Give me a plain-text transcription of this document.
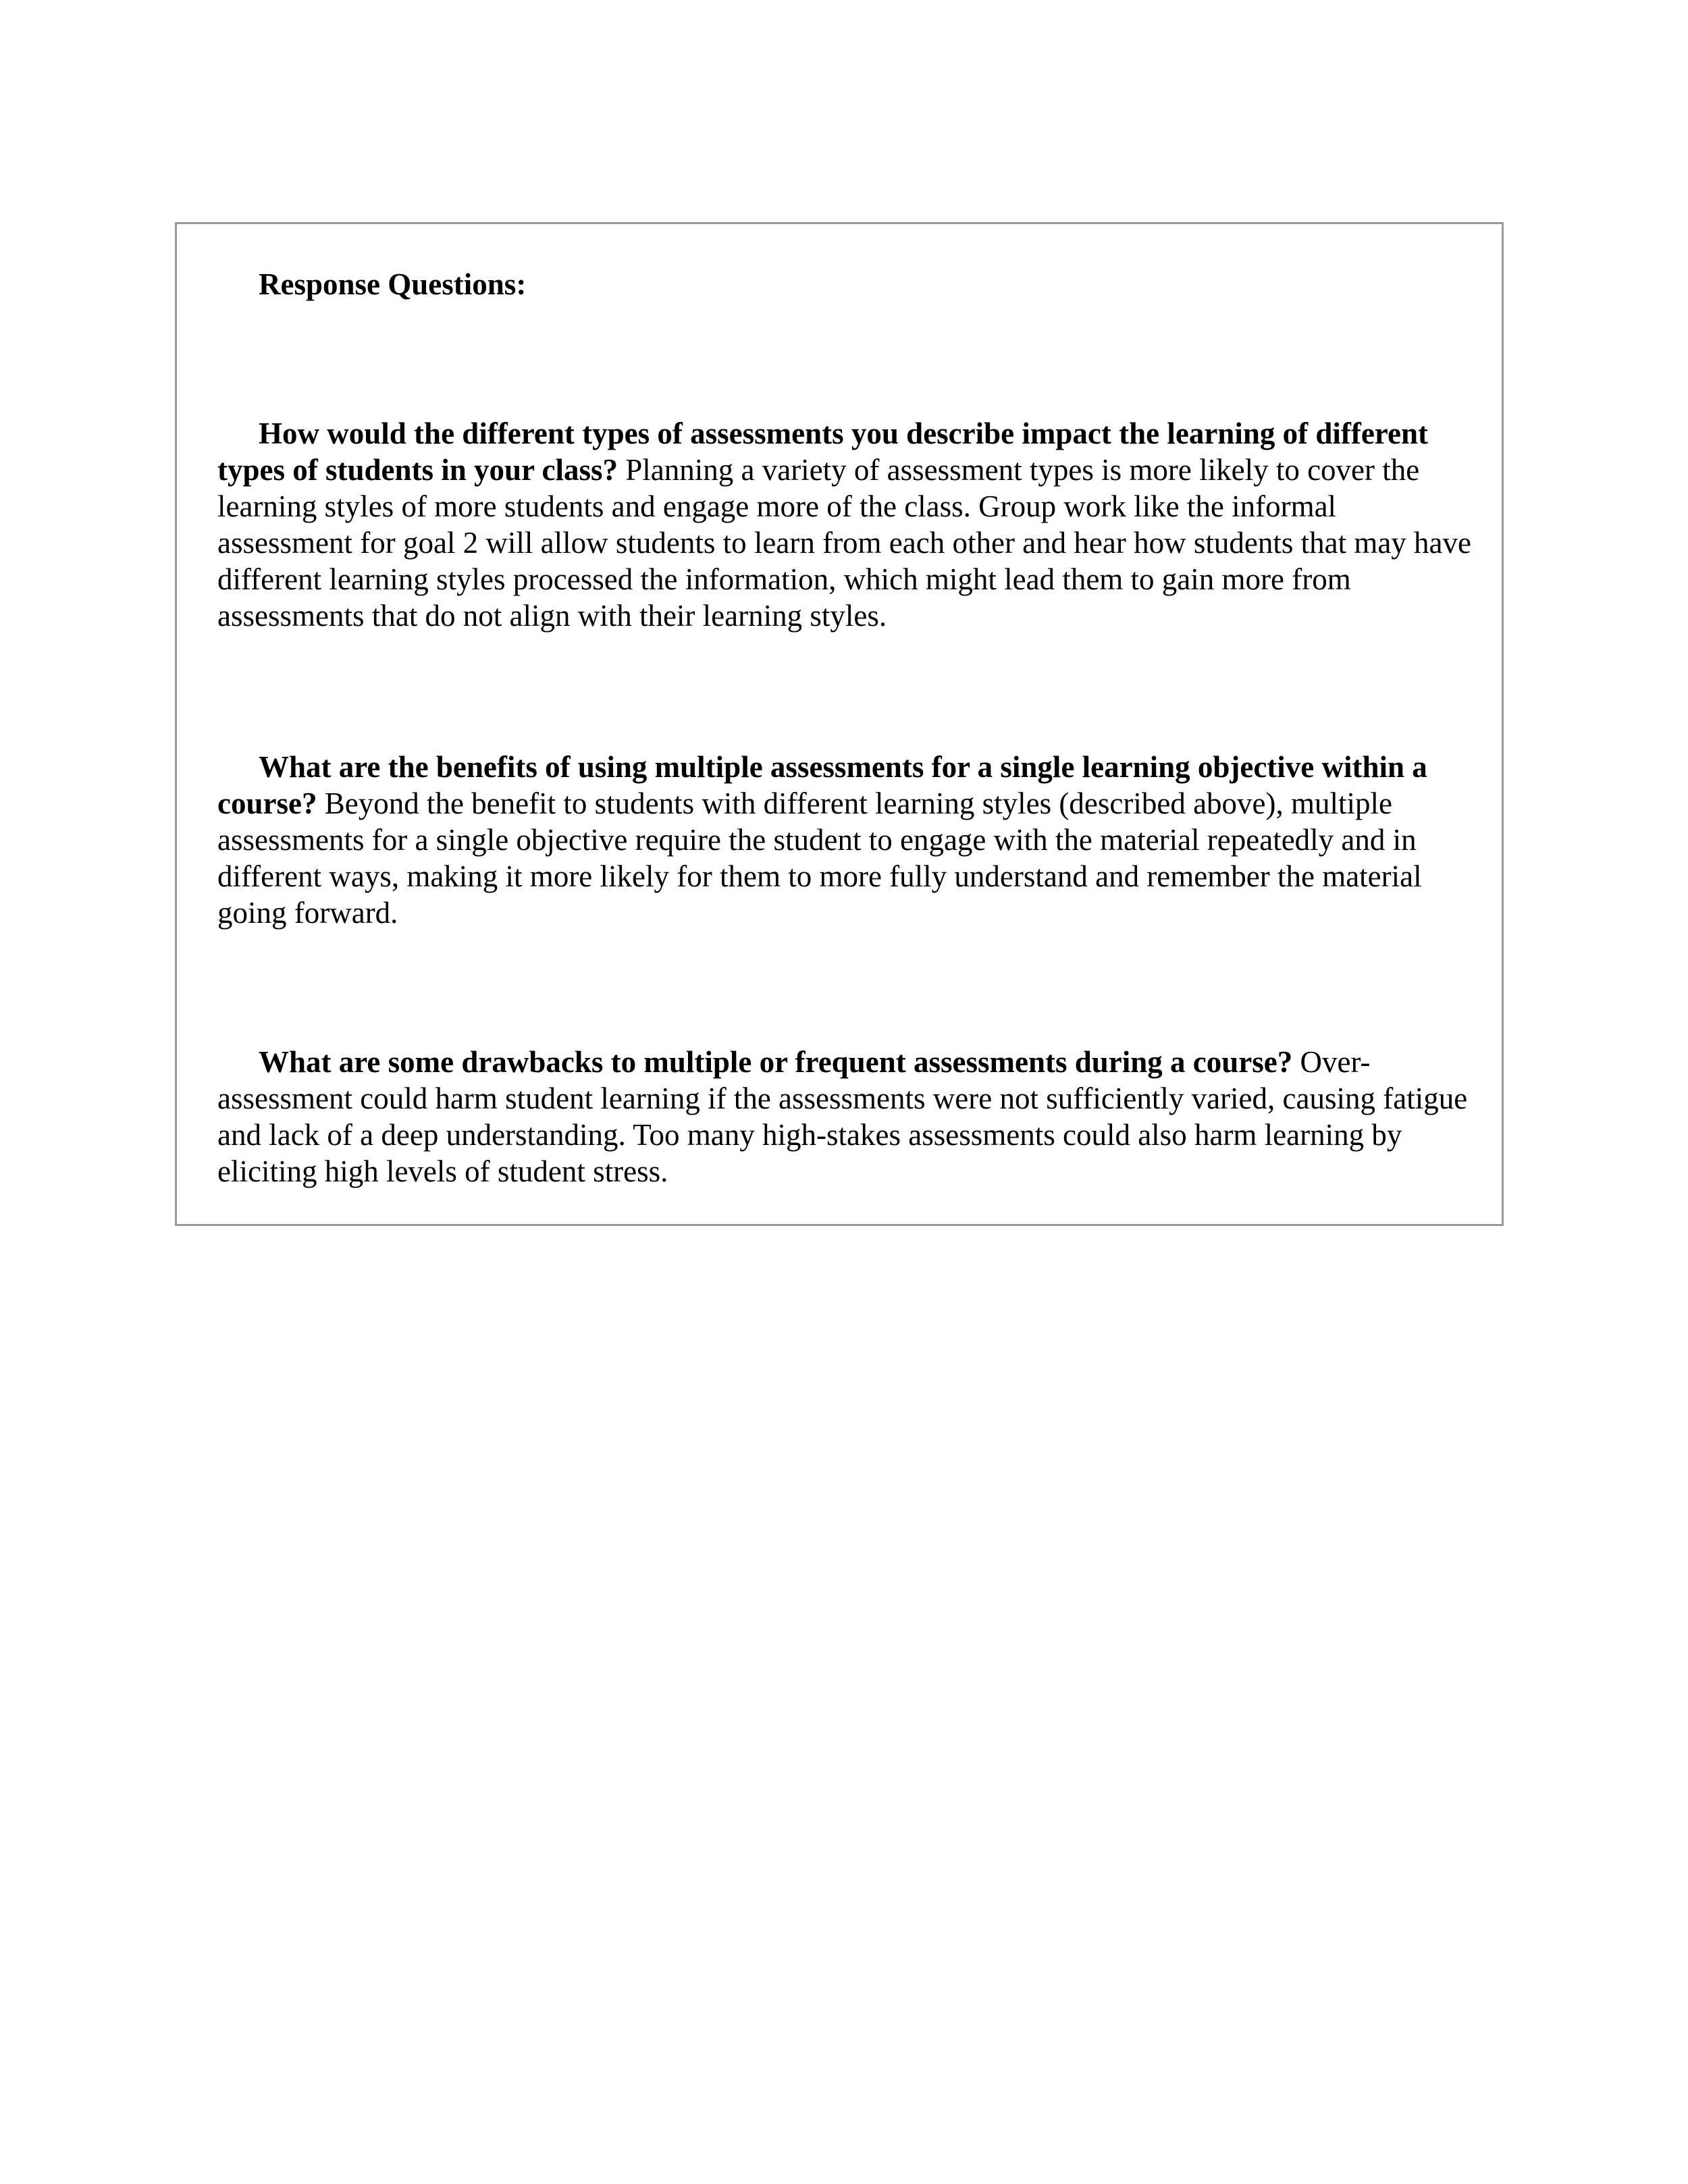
Response Questions:

How would the different types of assessments you describe impact the learning of different types of students in your class? Planning a variety of assessment types is more likely to cover the learning styles of more students and engage more of the class. Group work like the informal assessment for goal 2 will allow students to learn from each other and hear how students that may have different learning styles processed the information, which might lead them to gain more from assessments that do not align with their learning styles.

What are the benefits of using multiple assessments for a single learning objective within a course? Beyond the benefit to students with different learning styles (described above), multiple assessments for a single objective require the student to engage with the material repeatedly and in different ways, making it more likely for them to more fully understand and remember the material going forward.

What are some drawbacks to multiple or frequent assessments during a course? Over-assessment could harm student learning if the assessments were not sufficiently varied, causing fatigue and lack of a deep understanding. Too many high-stakes assessments could also harm learning by eliciting high levels of student stress.
